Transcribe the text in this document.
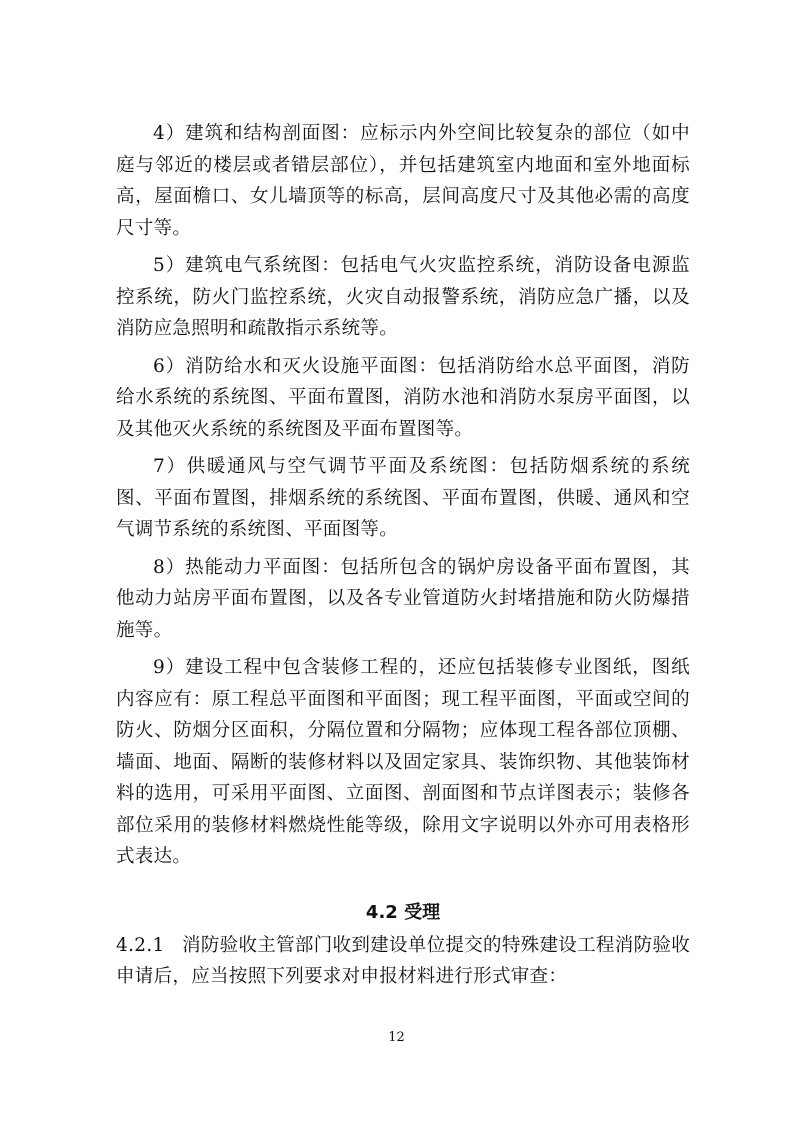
4）建筑和结构剖面图：应标示内外空间比较复杂的部位（如中庭与邻近的楼层或者错层部位），并包括建筑室内地面和室外地面标高，屋面檐口、女儿墙顶等的标高，层间高度尺寸及其他必需的高度尺寸等。

5）建筑电气系统图：包括电气火灾监控系统，消防设备电源监控系统，防火门监控系统，火灾自动报警系统，消防应急广播，以及消防应急照明和疏散指示系统等。

6）消防给水和灭火设施平面图：包括消防给水总平面图，消防给水系统的系统图、平面布置图，消防水池和消防水泵房平面图，以及其他灭火系统的系统图及平面布置图等。

7）供暖通风与空气调节平面及系统图：包括防烟系统的系统图、平面布置图，排烟系统的系统图、平面布置图，供暖、通风和空气调节系统的系统图、平面图等。

8）热能动力平面图：包括所包含的锅炉房设备平面布置图，其他动力站房平面布置图，以及各专业管道防火封堵措施和防火防爆措施等。

9）建设工程中包含装修工程的，还应包括装修专业图纸，图纸内容应有：原工程总平面图和平面图；现工程平面图，平面或空间的防火、防烟分区面积，分隔位置和分隔物；应体现工程各部位顶棚、墙面、地面、隔断的装修材料以及固定家具、装饰织物、其他装饰材料的选用，可采用平面图、立面图、剖面图和节点详图表示；装修各部位采用的装修材料燃烧性能等级，除用文字说明以外亦可用表格形式表达。

4.2 受理

4.2.1 消防验收主管部门收到建设单位提交的特殊建设工程消防验收申请后，应当按照下列要求对申报材料进行形式审查：

12
